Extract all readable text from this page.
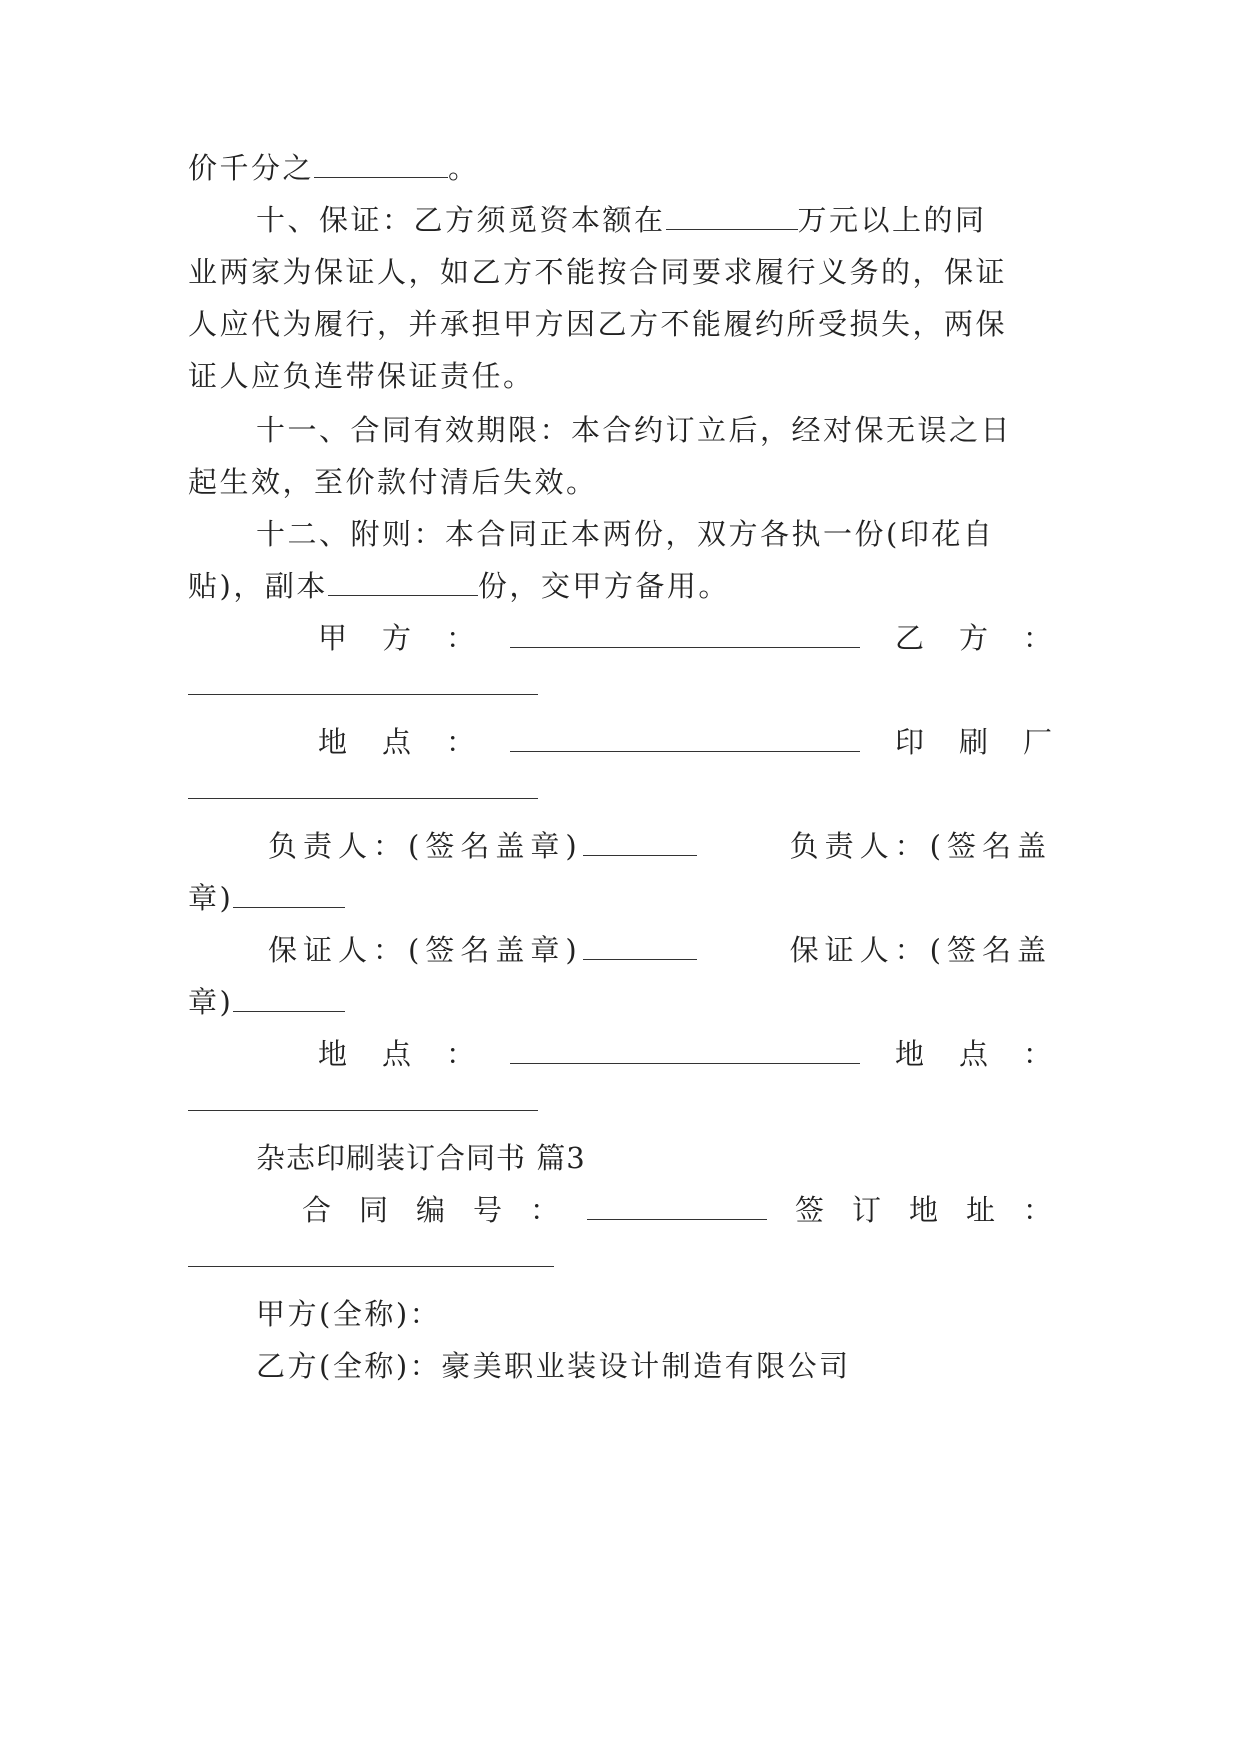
价千分之	。
十、保证：乙方须觅资本额在	万元以上的同
业两家为保证人，如乙方不能按合同要求履行义务的，保证
人应代为履行，并承担甲方因乙方不能履约所受损失，两保
证人应负连带保证责任。
十一、合同有效期限：本合约订立后，经对保无误之日
起生效，至价款付清后失效。
十二、附则：本合同正本两份，双方各执一份(印花自
贴)，副本	份，交甲方备用。
甲 方 ：	乙 方 ：
地 点 ：	印 刷 厂
负责人：(签名盖章)	负责人：(签名盖
章)
保证人：(签名盖章)	保证人：(签名盖
章)
地 点 ：	地 点 ：
杂志印刷装订合同书 篇3
合 同 编 号 ：	签 订 地 址 ：
甲方(全称)：
乙方(全称)：豪美职业装设计制造有限公司
